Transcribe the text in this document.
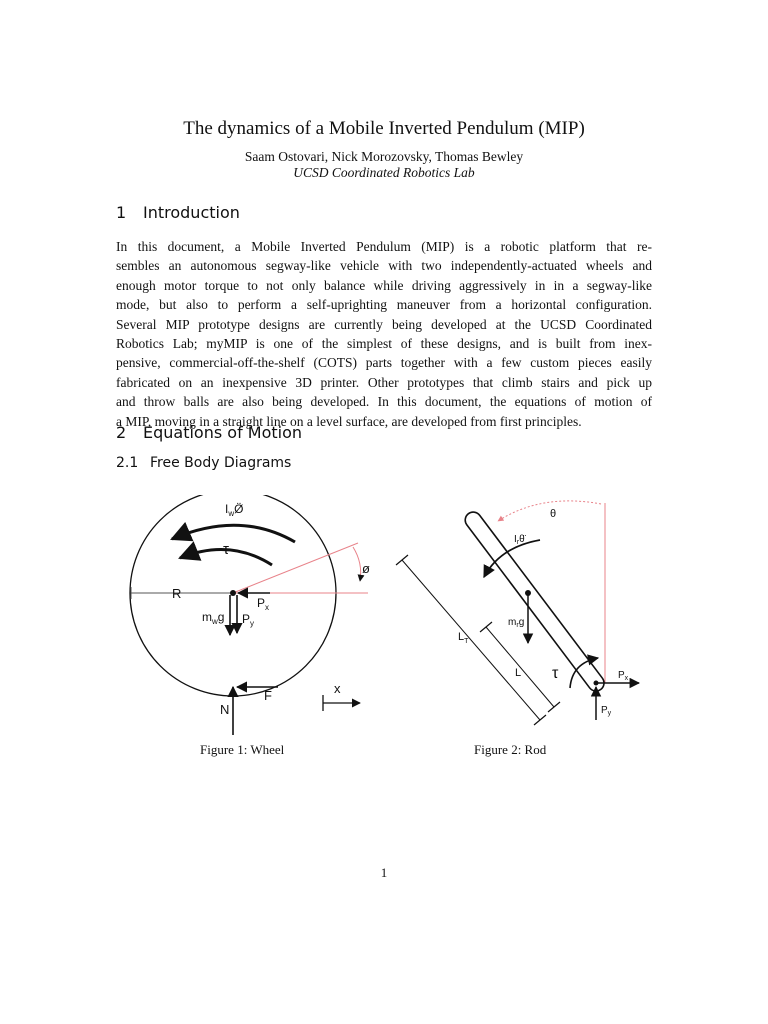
The dynamics of a Mobile Inverted Pendulum (MIP)
Saam Ostovari, Nick Morozovsky, Thomas Bewley
UCSD Coordinated Robotics Lab
1 Introduction
In this document, a Mobile Inverted Pendulum (MIP) is a robotic platform that re-
sembles an autonomous segway-like vehicle with two independently-actuated wheels and
enough motor torque to not only balance while driving aggressively in in a segway-like
mode, but also to perform a self-uprighting maneuver from a horizontal configuration.
Several MIP prototype designs are currently being developed at the UCSD Coordinated
Robotics Lab; myMIP is one of the simplest of these designs, and is built from inex-
pensive, commercial-off-the-shelf (COTS) parts together with a few custom pieces easily
fabricated on an inexpensive 3D printer. Other prototypes that climb stairs and pick up
and throw balls are also being developed. In this document, the equations of motion of
a MIP, moving in a straight line on a level surface, are developed from first principles.
2 Equations of Motion
2.1 Free Body Diagrams
$I_wØ̈$
τ
ø
R
$P_x$
$P_y$
$m_wg$
F
N
x
θ
$I_r\thetä$
$L_T$
$m_rg$
L τ	$P_x$
$P_y$
Figure 1: Wheel	Figure 2: Rod
1
